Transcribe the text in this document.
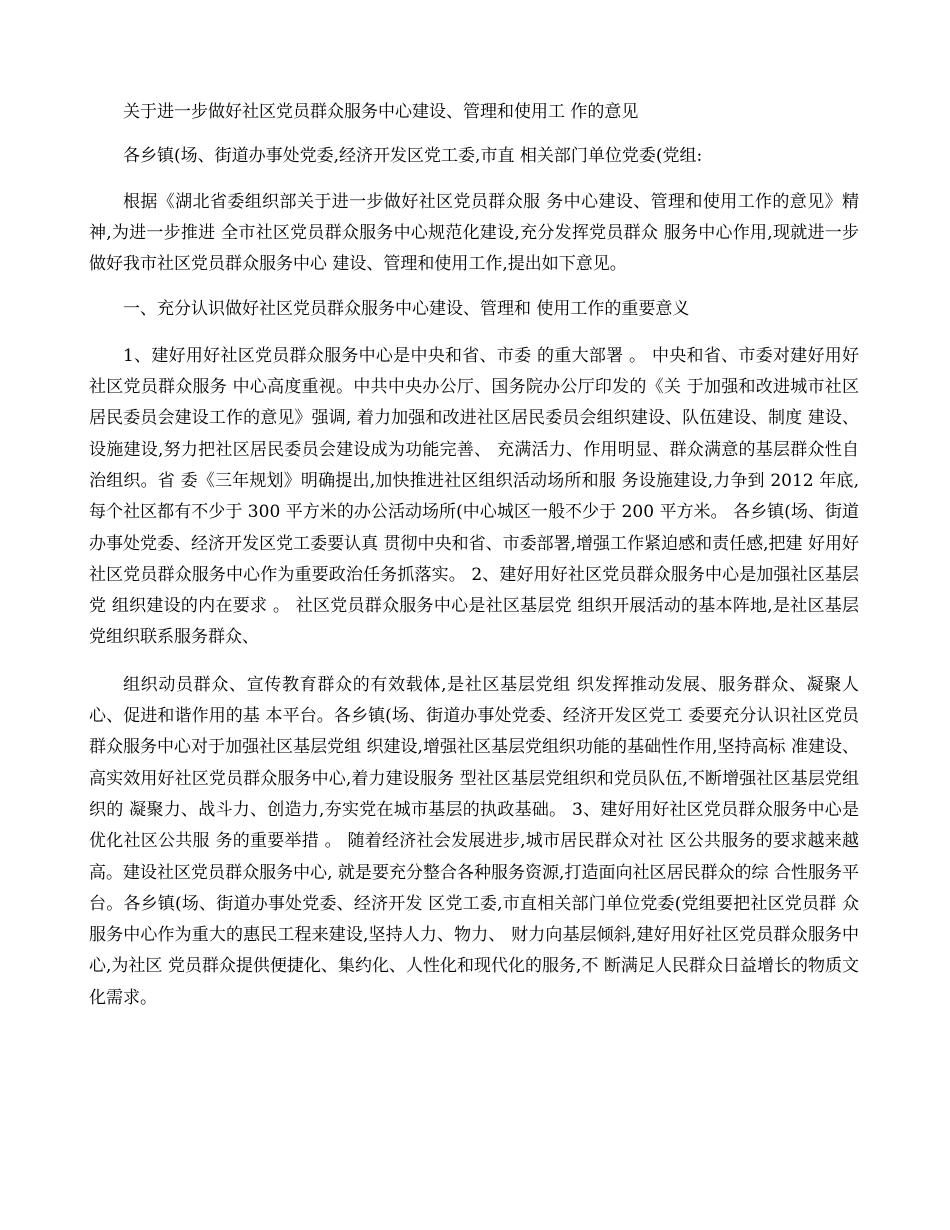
关于进一步做好社区党员群众服务中心建设、管理和使用工 作的意见

各乡镇(场、街道办事处党委,经济开发区党工委,市直 相关部门单位党委(党组:

根据《湖北省委组织部关于进一步做好社区党员群众服 务中心建设、管理和使用工作的意见》精神,为进一步推进 全市社区党员群众服务中心规范化建设,充分发挥党员群众 服务中心作用,现就进一步做好我市社区党员群众服务中心 建设、管理和使用工作,提出如下意见。

一、充分认识做好社区党员群众服务中心建设、管理和 使用工作的重要意义

1、建好用好社区党员群众服务中心是中央和省、市委 的重大部署 。 中央和省、市委对建好用好社区党员群众服务 中心高度重视。中共中央办公厅、国务院办公厅印发的《关 于加强和改进城市社区居民委员会建设工作的意见》强调, 着力加强和改进社区居民委员会组织建设、队伍建设、制度 建设、设施建设,努力把社区居民委员会建设成为功能完善、 充满活力、作用明显、群众满意的基层群众性自治组织。省 委《三年规划》明确提出,加快推进社区组织活动场所和服 务设施建设,力争到 2012 年底,每个社区都有不少于 300 平方米的办公活动场所(中心城区一般不少于 200 平方米。 各乡镇(场、街道办事处党委、经济开发区党工委要认真 贯彻中央和省、市委部署,增强工作紧迫感和责任感,把建 好用好社区党员群众服务中心作为重要政治任务抓落实。 2、建好用好社区党员群众服务中心是加强社区基层党 组织建设的内在要求 。 社区党员群众服务中心是社区基层党 组织开展活动的基本阵地,是社区基层党组织联系服务群众、

组织动员群众、宣传教育群众的有效载体,是社区基层党组 织发挥推动发展、服务群众、凝聚人心、促进和谐作用的基 本平台。各乡镇(场、街道办事处党委、经济开发区党工 委要充分认识社区党员群众服务中心对于加强社区基层党组 织建设,增强社区基层党组织功能的基础性作用,坚持高标 准建设、高实效用好社区党员群众服务中心,着力建设服务 型社区基层党组织和党员队伍,不断增强社区基层党组织的 凝聚力、战斗力、创造力,夯实党在城市基层的执政基础。 3、建好用好社区党员群众服务中心是优化社区公共服 务的重要举措 。 随着经济社会发展进步,城市居民群众对社 区公共服务的要求越来越高。建设社区党员群众服务中心, 就是要充分整合各种服务资源,打造面向社区居民群众的综 合性服务平台。各乡镇(场、街道办事处党委、经济开发 区党工委,市直相关部门单位党委(党组要把社区党员群 众服务中心作为重大的惠民工程来建设,坚持人力、物力、 财力向基层倾斜,建好用好社区党员群众服务中心,为社区 党员群众提供便捷化、集约化、人性化和现代化的服务,不 断满足人民群众日益增长的物质文化需求。
